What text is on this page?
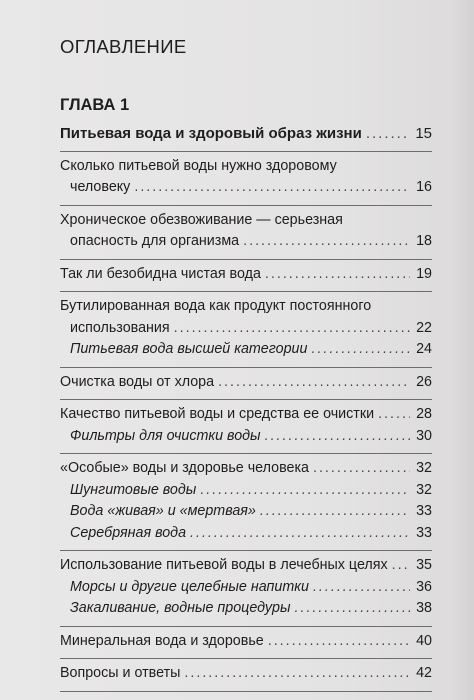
ОГЛАВЛЕНИЕ
ГЛАВА 1
Питьевая вода и здоровый образ жизни .....	15
Сколько питьевой воды нужно здоровому
человеку .....	16
Хроническое обезвоживание — серьезная
опасность для организма .....	18
Так ли безобидна чистая вода .....	19
Бутилированная вода как продукт постоянного
использования .....	22
Питьевая вода высшей категории .....	24
Очистка воды от хлора .....	26
Качество питьевой воды и средства ее очистки .....	28
Фильтры для очистки воды .....	30
«Особые» воды и здоровье человека .....	32
Шунгитовые воды .....	32
Вода «живая» и «мертвая» .....	33
Серебряная вода .....	33
Использование питьевой воды в лечебных целях ..... 35
Морсы и другие целебные напитки .....	36
Закаливание, водные процедуры .....	38
Минеральная вода и здоровье .....	40
Вопросы и ответы .....	42
